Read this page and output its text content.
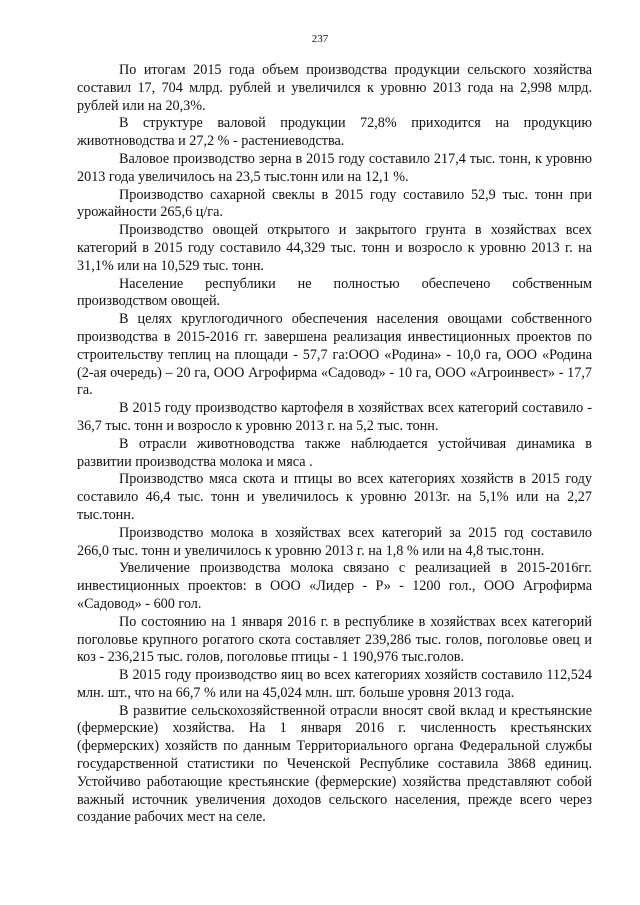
237

По итогам 2015 года объем производства продукции сельского хозяйства составил 17, 704 млрд. рублей и увеличился к уровню 2013 года на 2,998 млрд. рублей или на 20,3%.

В структуре валовой продукции 72,8% приходится на продукцию животноводства и 27,2 % - растениеводства.

Валовое производство зерна в 2015 году составило 217,4 тыс. тонн, к уровню 2013 года увеличилось на 23,5 тыс.тонн или на 12,1 %.

Производство сахарной свеклы в 2015 году составило 52,9 тыс. тонн при урожайности 265,6 ц/га.

Производство овощей открытого и закрытого грунта в хозяйствах всех категорий в 2015 году составило 44,329 тыс. тонн и возросло к уровню 2013 г. на 31,1% или на 10,529 тыс. тонн.

Население республики не полностью обеспечено собственным производством овощей.

В целях круглогодичного обеспечения населения овощами собственного производства в 2015-2016 гг. завершена реализация инвестиционных проектов по строительству теплиц на площади - 57,7 га:ООО «Родина» - 10,0 га, ООО «Родина (2-ая очередь) – 20 га, ООО Агрофирма «Садовод» - 10 га, ООО «Агроинвест» - 17,7 га.

В 2015 году производство картофеля в хозяйствах всех категорий составило - 36,7 тыс. тонн и возросло к уровню 2013 г. на 5,2 тыс. тонн.

В отрасли животноводства также наблюдается устойчивая динамика в развитии производства молока и мяса .

Производство мяса скота и птицы во всех категориях хозяйств в 2015 году составило 46,4 тыс. тонн и увеличилось к уровню 2013г. на 5,1% или на 2,27 тыс.тонн.

Производство молока в хозяйствах всех категорий за 2015 год составило 266,0 тыс. тонн и увеличилось к уровню 2013 г. на 1,8 % или на 4,8 тыс.тонн.

Увеличение производства молока связано с реализацией в 2015-2016гг. инвестиционных проектов: в ООО «Лидер - Р» - 1200 гол., ООО Агрофирма «Садовод» - 600 гол.

По состоянию на 1 января 2016 г. в республике в хозяйствах всех категорий поголовье крупного рогатого скота составляет 239,286 тыс. голов, поголовье овец и коз - 236,215 тыс. голов, поголовье птицы - 1 190,976 тыс.голов.

В 2015 году производство яиц во всех категориях хозяйств составило 112,524 млн. шт., что на 66,7 % или на 45,024 млн. шт. больше уровня 2013 года.

В развитие сельскохозяйственной отрасли вносят свой вклад и крестьянские (фермерские) хозяйства. На 1 января 2016 г. численность крестьянских (фермерских) хозяйств по данным Территориального органа Федеральной службы государственной статистики по Чеченской Республике составила 3868 единиц. Устойчиво работающие крестьянские (фермерские) хозяйства представляют собой важный источник увеличения доходов сельского населения, прежде всего через создание рабочих мест на селе.
